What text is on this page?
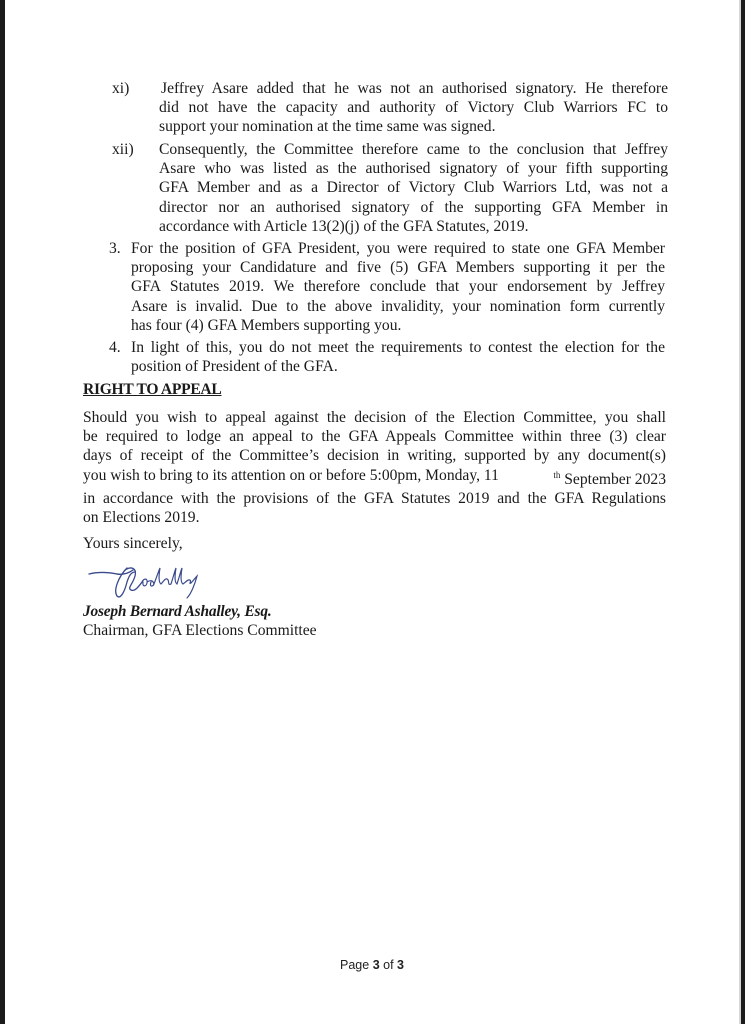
xi) Jeffrey Asare added that he was not an authorised signatory. He therefore
did not have the capacity and authority of Victory Club Warriors FC to
support your nomination at the time same was signed.
xii) Consequently, the Committee therefore came to the conclusion that Jeffrey
Asare who was listed as the authorised signatory of your fifth supporting
GFA Member and as a Director of Victory Club Warriors Ltd, was not a
director nor an authorised signatory of the supporting GFA Member in
accordance with Article 13(2)(j) of the GFA Statutes, 2019.
3. For the position of GFA President, you were required to state one GFA Member
proposing your Candidature and five (5) GFA Members supporting it per the
GFA Statutes 2019. We therefore conclude that your endorsement by Jeffrey
Asare is invalid. Due to the above invalidity, your nomination form currently
has four (4) GFA Members supporting you.
4. In light of this, you do not meet the requirements to contest the election for the
position of President of the GFA.
RIGHT TO APPEAL
Should you wish to appeal against the decision of the Election Committee, you shall
be required to lodge an appeal to the GFA Appeals Committee within three (3) clear
days of receipt of the Committee’s decision in writing, supported by any document(s)
you wish to bring to its attention on or before 5:00pm, Monday, 11	$^{th}$ September 2023
in accordance with the provisions of the GFA Statutes 2019 and the GFA Regulations
on Elections 2019.
Yours sincerely,
Joseph Bernard Ashalley, Esq.
Chairman, GFA Elections Committee
Page 3 of 3
